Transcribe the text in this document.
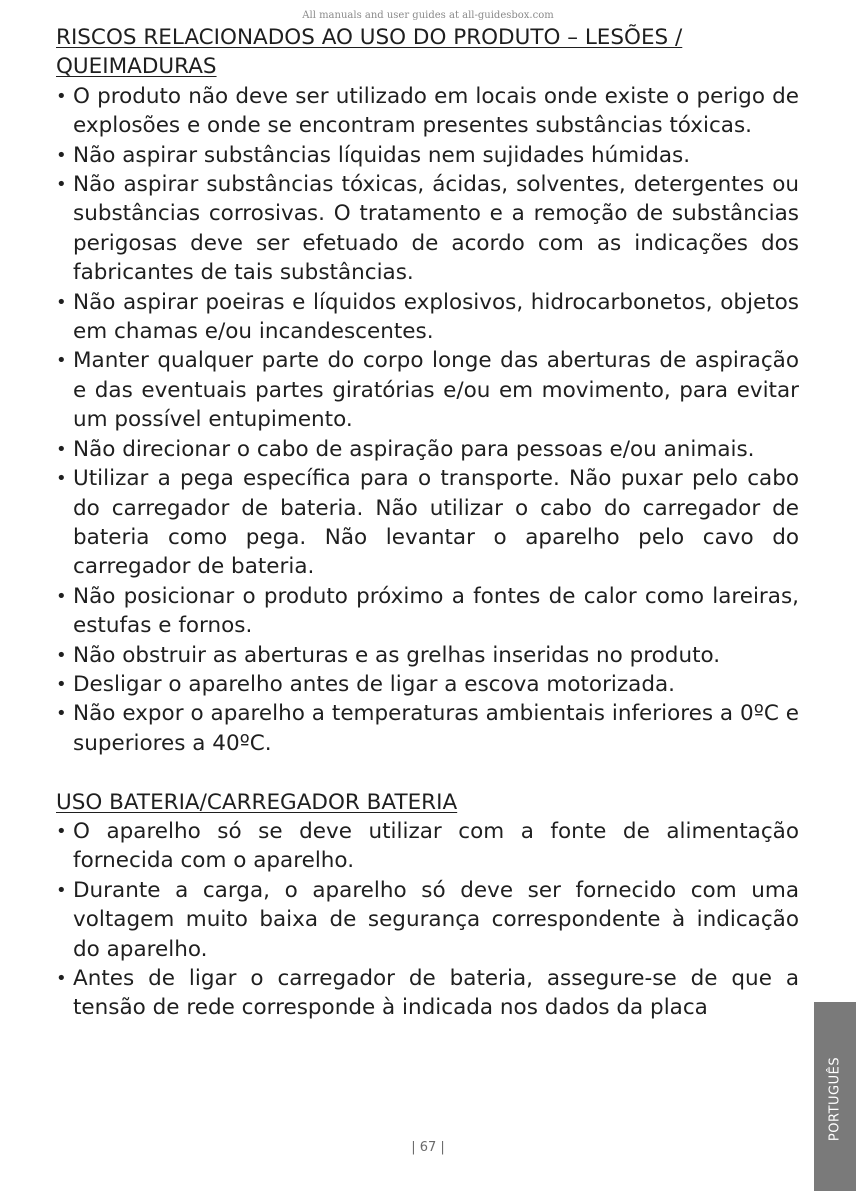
All manuals and user guides at all-guidesbox.com
RISCOS RELACIONADOS AO USO DO PRODUTO – LESÕES / QUEIMADURAS
• O produto não deve ser utilizado em locais onde existe o perigo de explosões e onde se encontram presentes substâncias tóxicas.
• Não aspirar substâncias líquidas nem sujidades húmidas.
• Não aspirar substâncias tóxicas, ácidas, solventes, detergentes ou substâncias corrosivas. O tratamento e a remoção de substâncias perigosas deve ser efetuado de acordo com as indicações dos fabricantes de tais substâncias.
• Não aspirar poeiras e líquidos explosivos, hidrocarbonetos, objetos em chamas e/ou incandescentes.
• Manter qualquer parte do corpo longe das aberturas de aspiração e das eventuais partes giratórias e/ou em movimento, para evitar um possível entupimento.
• Não direcionar o cabo de aspiração para pessoas e/ou animais.
• Utilizar a pega específica para o transporte. Não puxar pelo cabo do carregador de bateria. Não utilizar o cabo do carregador de bateria como pega. Não levantar o aparelho pelo cavo do carregador de bateria.
• Não posicionar o produto próximo a fontes de calor como lareiras, estufas e fornos.
• Não obstruir as aberturas e as grelhas inseridas no produto.
• Desligar o aparelho antes de ligar a escova motorizada.
• Não expor o aparelho a temperaturas ambientais inferiores a 0ºC e superiores a 40ºC.
USO BATERIA/CARREGADOR BATERIA
• O aparelho só se deve utilizar com a fonte de alimentação fornecida com o aparelho.
• Durante a carga, o aparelho só deve ser fornecido com uma voltagem muito baixa de segurança correspondente à indicação do aparelho.
• Antes de ligar o carregador de bateria, assegure-se de que a tensão de rede corresponde à indicada nos dados da placa
| 67 |
PORTUGUÊS
